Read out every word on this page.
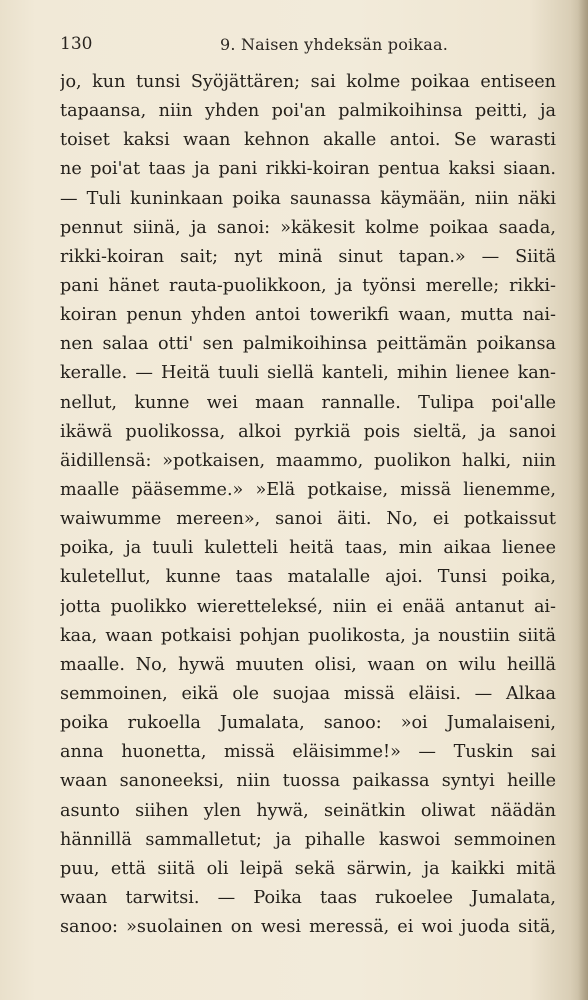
130	9. Naisen yhdeksän poikaa.
jo, kun tunsi Syöjättären; sai kolme poikaa entiseen
tapaansa, niin yhden poi'an palmikoihinsa peitti, ja
toiset kaksi waan kehnon akalle antoi. Se warasti
ne poi'at taas ja pani rikki-koiran pentua kaksi siaan.
— Tuli kuninkaan poika saunassa käymään, niin näki
pennut siinä, ja sanoi: »käkesit kolme poikaa saada,
rikki-koiran sait; nyt minä sinut tapan.» — Siitä
pani hänet rauta-puolikkoon, ja työnsi merelle; rikki-
koiran penun yhden antoi towerikfi waan, mutta nai-
nen salaa otti' sen palmikoihinsa peittämän poikansa
keralle. — Heitä tuuli siellä kanteli, mihin lienee kan-
nellut, kunne wei maan rannalle. Tulipa poi'alle
ikäwä puolikossa, alkoi pyrkiä pois sieltä, ja sanoi
äidillensä: »potkaisen, maammo, puolikon halki, niin
maalle pääsemme.» »Elä potkaise, missä lienemme,
waiwumme mereen», sanoi äiti. No, ei potkaissut
poika, ja tuuli kuletteli heitä taas, min aikaa lienee
kuletellut, kunne taas matalalle ajoi. Tunsi poika,
jotta puolikko wieretteleksé, niin ei enää antanut ai-
kaa, waan potkaisi pohjan puolikosta, ja noustiin siitä
maalle. No, hywä muuten olisi, waan on wilu heillä
semmoinen, eikä ole suojaa missä eläisi. — Alkaa
poika rukoella Jumalata, sanoo: »oi Jumalaiseni,
anna huonetta, missä eläisimme!» — Tuskin sai
waan sanoneeksi, niin tuossa paikassa syntyi heille
asunto siihen ylen hywä, seinätkin oliwat näädän
hännillä sammalletut; ja pihalle kaswoi semmoinen
puu, että siitä oli leipä sekä särwin, ja kaikki mitä
waan tarwitsi. — Poika taas rukoelee Jumalata,
sanoo: »suolainen on wesi meressä, ei woi juoda sitä,
